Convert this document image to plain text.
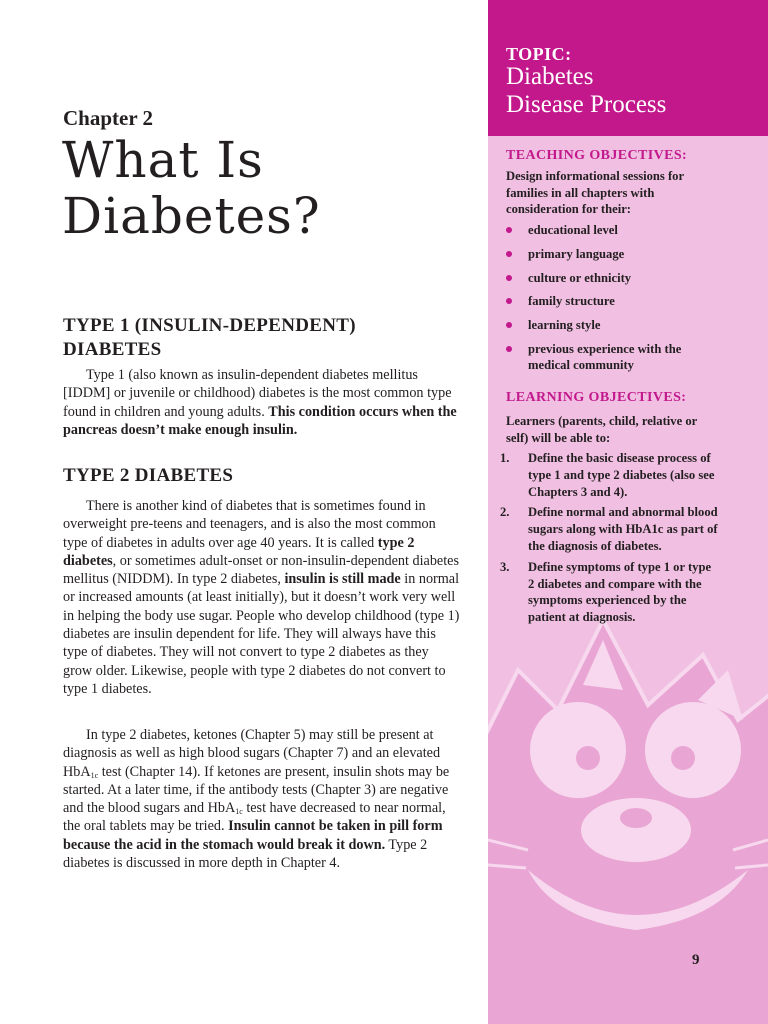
Chapter 2
What Is
Diabetes?
TYPE 1 (INSULIN-DEPENDENT)
DIABETES

Type 1 (also known as insulin-dependent diabetes mellitus [IDDM] or juvenile or childhood) diabetes is the most common type found in children and young adults. This condition occurs when the pancreas doesn’t make enough insulin.

TYPE 2 DIABETES

There is another kind of diabetes that is sometimes found in overweight pre-teens and teenagers, and is also the most common type of diabetes in adults over age 40 years. It is called type 2 diabetes, or sometimes adult-onset or non-insulin-dependent diabetes mellitus (NIDDM). In type 2 diabetes, insulin is still made in normal or increased amounts (at least initially), but it doesn’t work very well in helping the body use sugar. People who develop childhood (type 1) diabetes are insulin dependent for life. They will always have this type of diabetes. They will not convert to type 2 diabetes as they grow older. Likewise, people with type 2 diabetes do not convert to type 1 diabetes.

In type 2 diabetes, ketones (Chapter 5) may still be present at diagnosis as well as high blood sugars (Chapter 7) and an elevated HbA$_{1c}$ test (Chapter 14). If ketones are present, insulin shots may be started. At a later time, if the antibody tests (Chapter 3) are negative and the blood sugars and HbA$_{1c}$ test have decreased to near normal, the oral tablets may be tried. Insulin cannot be taken in pill form because the acid in the stomach would break it down. Type 2 diabetes is discussed in more depth in Chapter 4.

TOPIC:
Diabetes
Disease Process
TEACHING OBJECTIVES:
Design informational sessions for families in all chapters with consideration for their:
educational level
primary language
culture or ethnicity
family structure
learning style
previous experience with the medical community
LEARNING OBJECTIVES:
Learners (parents, child, relative or self) will be able to:
1. Define the basic disease process of type 1 and type 2 diabetes (also see Chapters 3 and 4).
2. Define normal and abnormal blood sugars along with HbA1c as part of the diagnosis of diabetes.
3. Define symptoms of type 1 or type 2 diabetes and compare with the symptoms experienced by the patient at diagnosis.
9
